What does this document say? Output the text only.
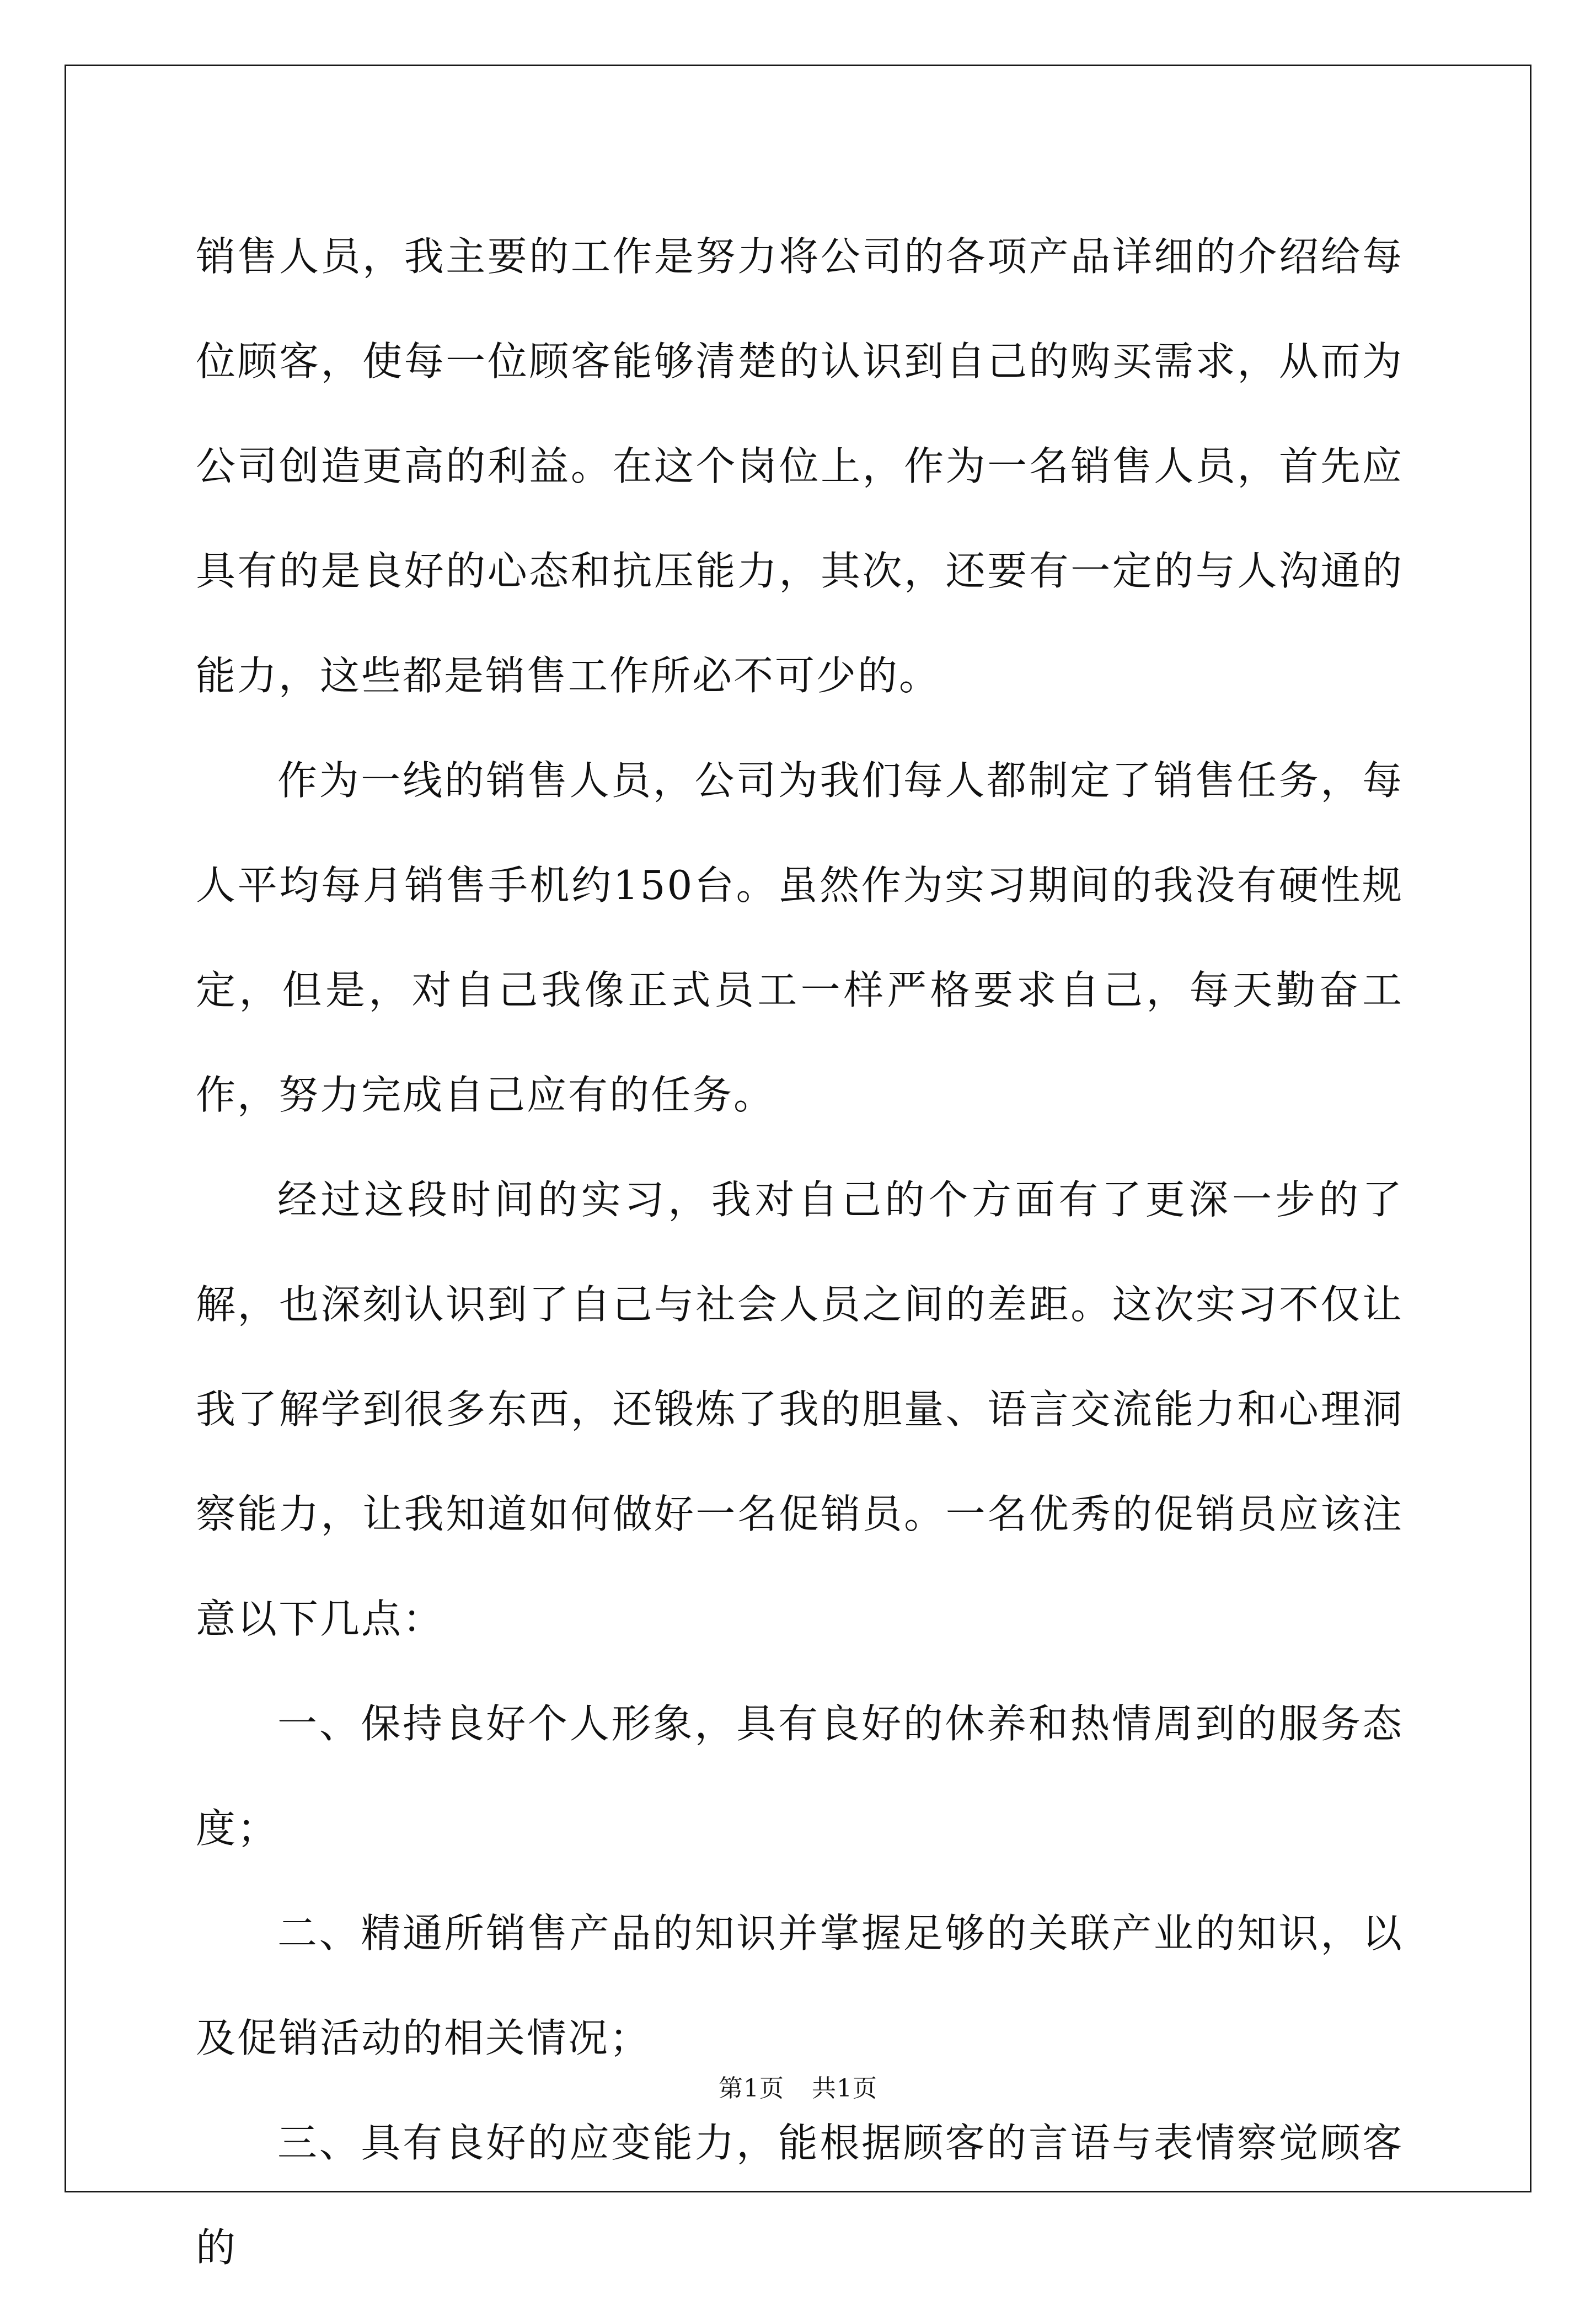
销售人员，我主要的工作是努力将公司的各项产品详细的介绍给每位顾客，使每一位顾客能够清楚的认识到自己的购买需求，从而为公司创造更高的利益。在这个岗位上，作为一名销售人员，首先应具有的是良好的心态和抗压能力，其次，还要有一定的与人沟通的能力，这些都是销售工作所必不可少的。

作为一线的销售人员，公司为我们每人都制定了销售任务，每人平均每月销售手机约150台。虽然作为实习期间的我没有硬性规定，但是，对自己我像正式员工一样严格要求自己，每天勤奋工作，努力完成自己应有的任务。

经过这段时间的实习，我对自己的个方面有了更深一步的了解，也深刻认识到了自己与社会人员之间的差距。这次实习不仅让我了解学到很多东西，还锻炼了我的胆量、语言交流能力和心理洞察能力，让我知道如何做好一名促销员。一名优秀的促销员应该注意以下几点：

一、保持良好个人形象，具有良好的休养和热情周到的服务态度；

二、精通所销售产品的知识并掌握足够的关联产业的知识，以及促销活动的相关情况；

三、具有良好的应变能力，能根据顾客的言语与表情察觉顾客的

第1页 共1页
